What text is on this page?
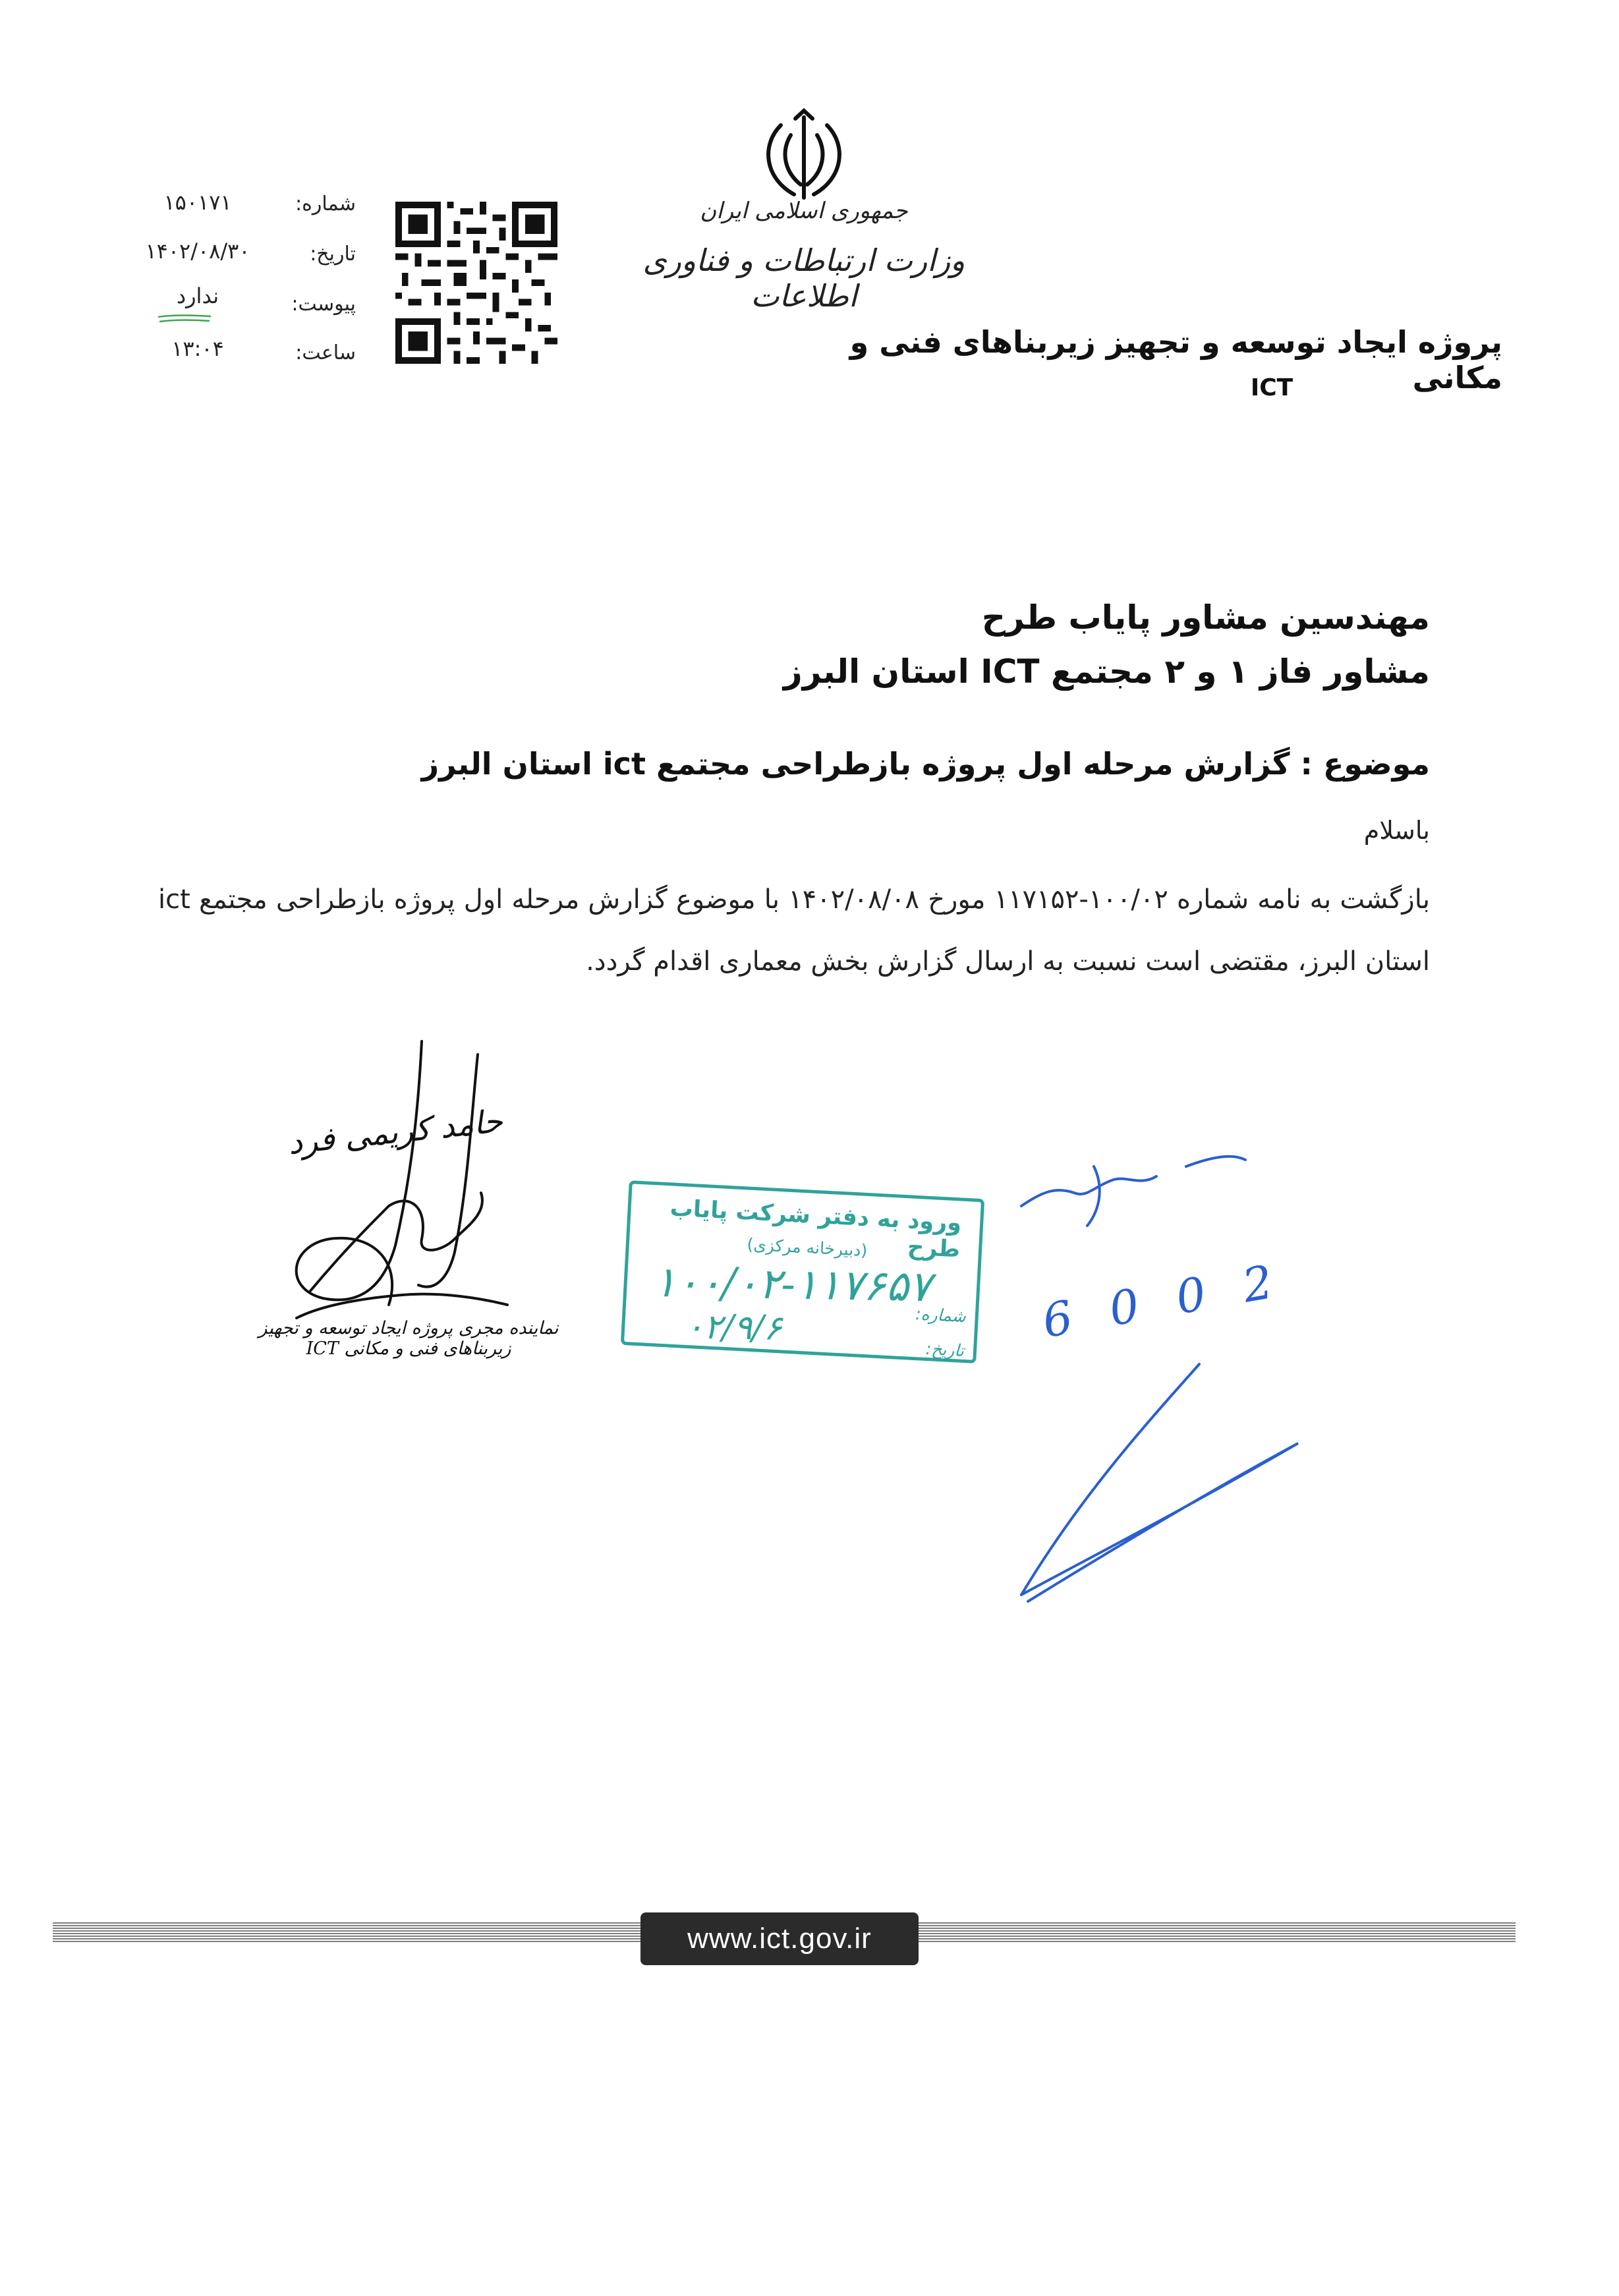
جمهوری اسلامی ایران
وزارت ارتباطات و فناوری اطلاعات
شماره:
۱۵۰۱۷۱
تاریخ:
۱۴۰۲/۰۸/۳۰
پیوست:
ندارد
ساعت:
۱۳:۰۴	پروژه ایجاد توسعه و تجهیز زیربناهای فنی و مکانی
ICT
مهندسین مشاور پایاب طرح
مشاور فاز ۱ و ۲ مجتمع ICT استان البرز
موضوع : گزارش مرحله اول پروژه بازطراحی مجتمع ict استان البرز
باسلام
بازگشت به نامه شماره ۱۰۰/۰۲-۱۱۷۱۵۲ مورخ ۱۴۰۲/۰۸/۰۸ با موضوع گزارش مرحله اول پروژه بازطراحی مجتمع ict استان البرز، مقتضی است نسبت به ارسال گزارش بخش معماری اقدام گردد.
حامد کریمی فرد
نماینده مجری پروژه ایجاد توسعه و تجهیز زیربناهای فنی و مکانی ICT
ورود به دفتر شرکت پایاب طرح
(دبیرخانه مرکزی)
شماره:
۱۰۰/۰۲-۱۱۷۶۵۷
تاریخ:
۰۲/۹/۶	6 0 0 2
www.ict.gov.ir
